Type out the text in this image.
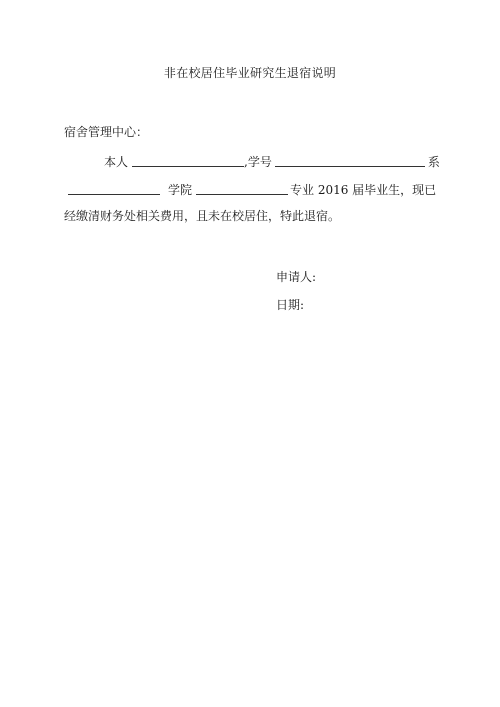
非在校居住毕业研究生退宿说明
宿舍管理中心：
本人	,学号	系
学院	专业 2016 届毕业生，现已
经缴清财务处相关费用，且未在校居住，特此退宿。
申请人:
日期:
